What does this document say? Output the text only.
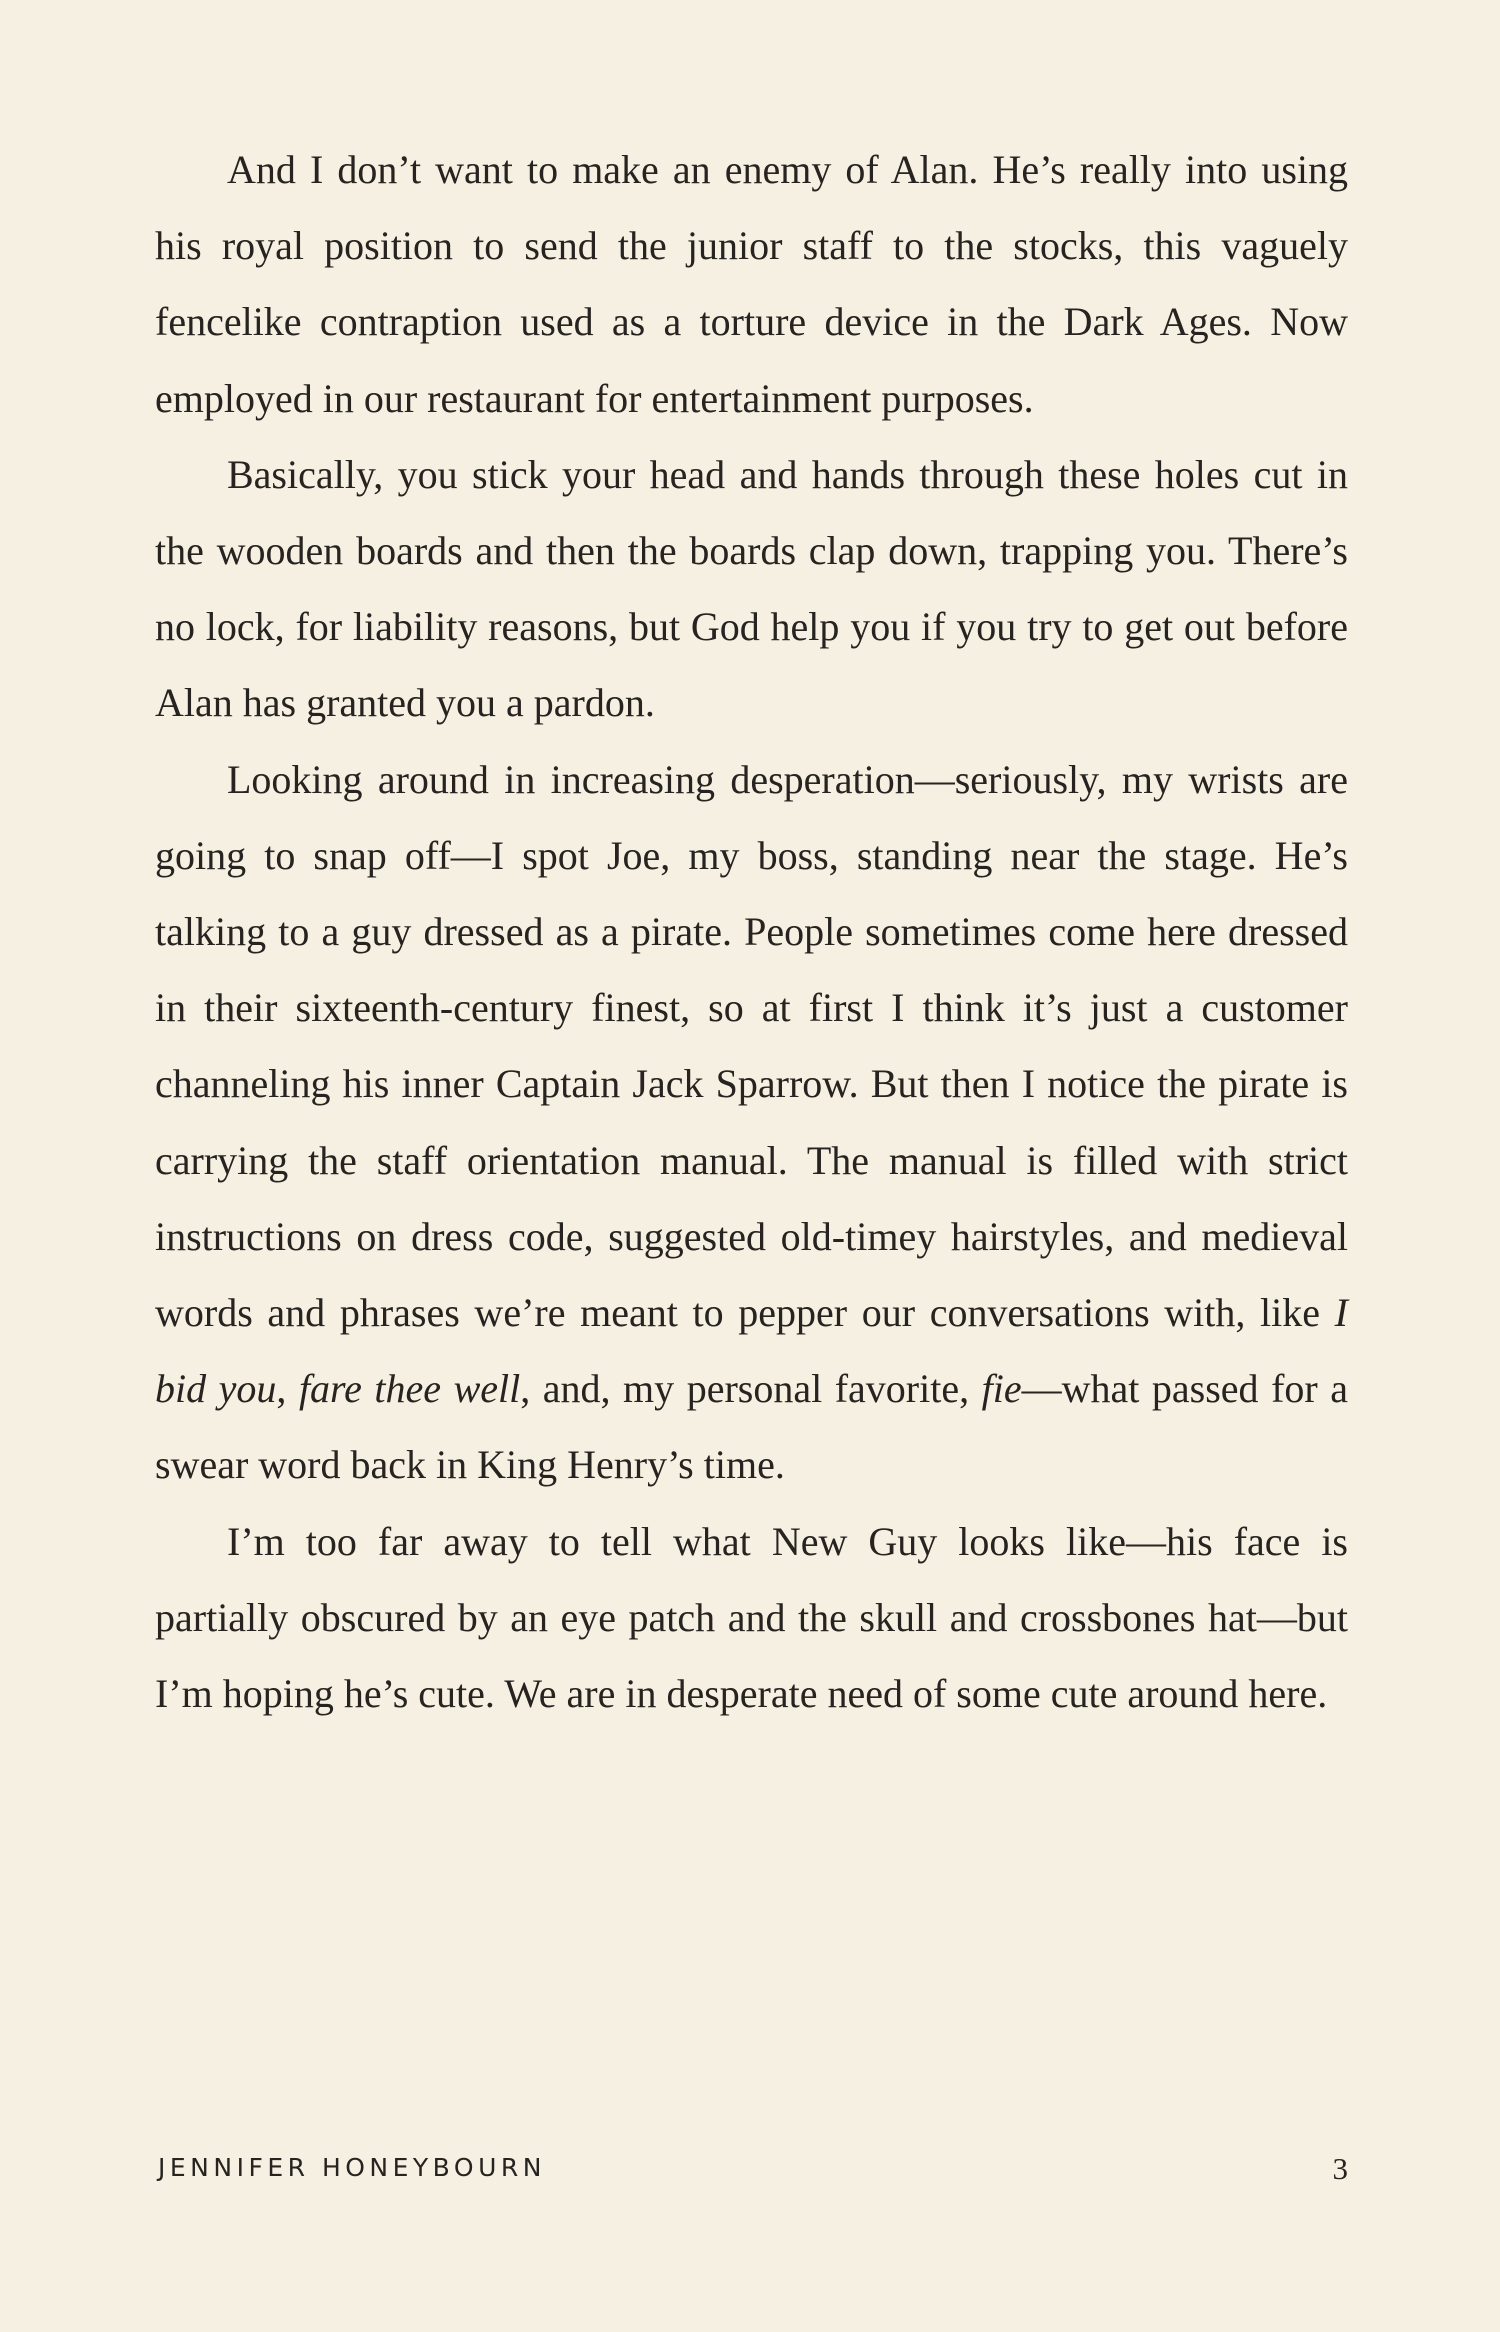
And I don’t want to make an enemy of Alan. He’s really into using his royal position to send the junior staff to the stocks, this vaguely fencelike contraption used as a torture device in the Dark Ages. Now employed in our restaurant for entertainment purposes.

Basically, you stick your head and hands through these holes cut in the wooden boards and then the boards clap down, trapping you. There’s no lock, for liability reasons, but God help you if you try to get out before Alan has granted you a pardon.

Looking around in increasing desperation—seriously, my wrists are going to snap off—I spot Joe, my boss, standing near the stage. He’s talking to a guy dressed as a pirate. People sometimes come here dressed in their sixteenth-century finest, so at first I think it’s just a customer channeling his inner Captain Jack Sparrow. But then I notice the pirate is carrying the staff orientation manual. The manual is filled with strict instructions on dress code, suggested old-timey hairstyles, and medieval words and phrases we’re meant to pepper our conversations with, like I bid you, fare thee well, and, my personal favorite, fie—what passed for a swear word back in King Henry’s time.

I’m too far away to tell what New Guy looks like—his face is partially obscured by an eye patch and the skull and crossbones hat—but I’m hoping he’s cute. We are in desperate need of some cute around here.

JENNIFER HONEYBOURN	3
